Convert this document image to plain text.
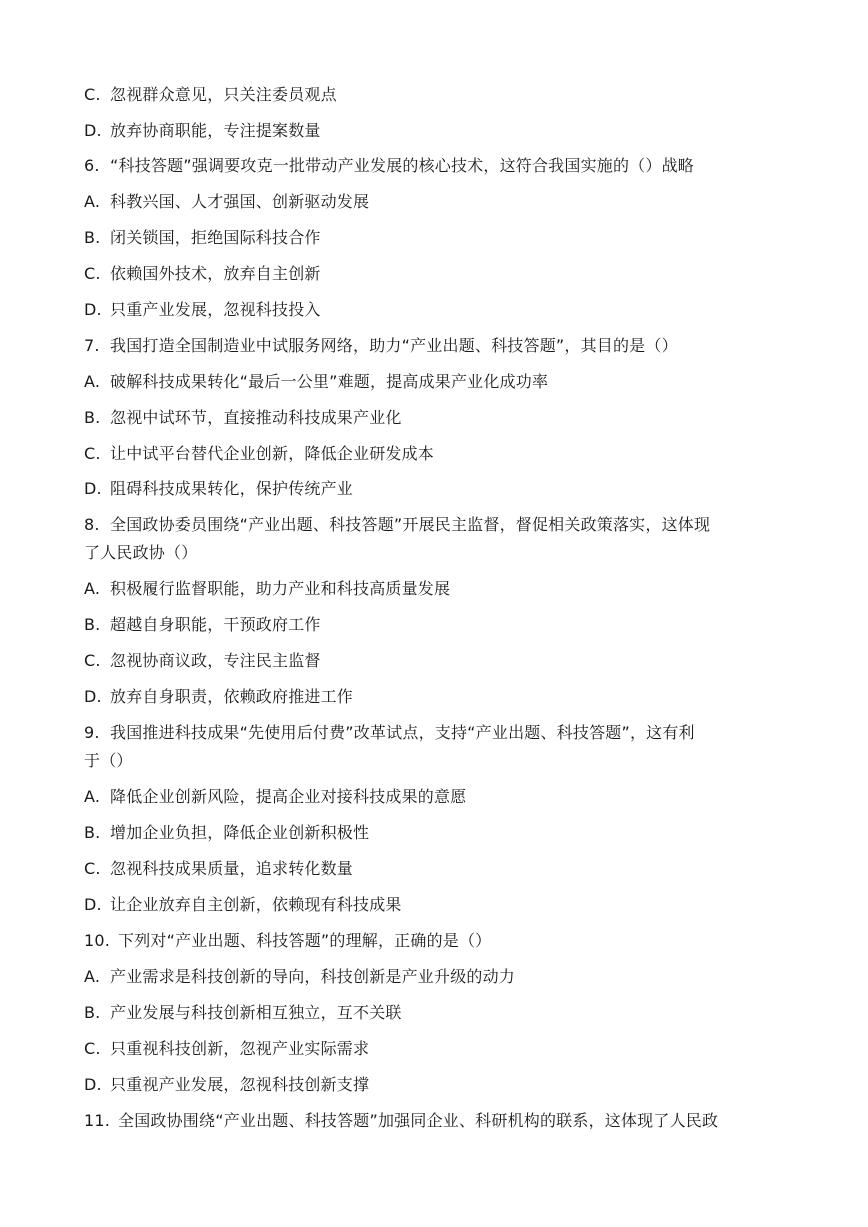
C. 忽视群众意见，只关注委员观点
D. 放弃协商职能，专注提案数量
6. “科技答题”强调要攻克一批带动产业发展的核心技术，这符合我国实施的（）战略
A. 科教兴国、人才强国、创新驱动发展
B. 闭关锁国，拒绝国际科技合作
C. 依赖国外技术，放弃自主创新
D. 只重产业发展，忽视科技投入
7. 我国打造全国制造业中试服务网络，助力“产业出题、科技答题”，其目的是（）
A. 破解科技成果转化“最后一公里”难题，提高成果产业化成功率
B. 忽视中试环节，直接推动科技成果产业化
C. 让中试平台替代企业创新，降低企业研发成本
D. 阻碍科技成果转化，保护传统产业
8. 全国政协委员围绕“产业出题、科技答题”开展民主监督，督促相关政策落实，这体现
了人民政协（）
A. 积极履行监督职能，助力产业和科技高质量发展
B. 超越自身职能，干预政府工作
C. 忽视协商议政，专注民主监督
D. 放弃自身职责，依赖政府推进工作
9. 我国推进科技成果“先使用后付费”改革试点，支持“产业出题、科技答题”，这有利
于（）
A. 降低企业创新风险，提高企业对接科技成果的意愿
B. 增加企业负担，降低企业创新积极性
C. 忽视科技成果质量，追求转化数量
D. 让企业放弃自主创新，依赖现有科技成果
10. 下列对“产业出题、科技答题”的理解，正确的是（）
A. 产业需求是科技创新的导向，科技创新是产业升级的动力
B. 产业发展与科技创新相互独立，互不关联
C. 只重视科技创新，忽视产业实际需求
D. 只重视产业发展，忽视科技创新支撑
11. 全国政协围绕“产业出题、科技答题”加强同企业、科研机构的联系，这体现了人民政
